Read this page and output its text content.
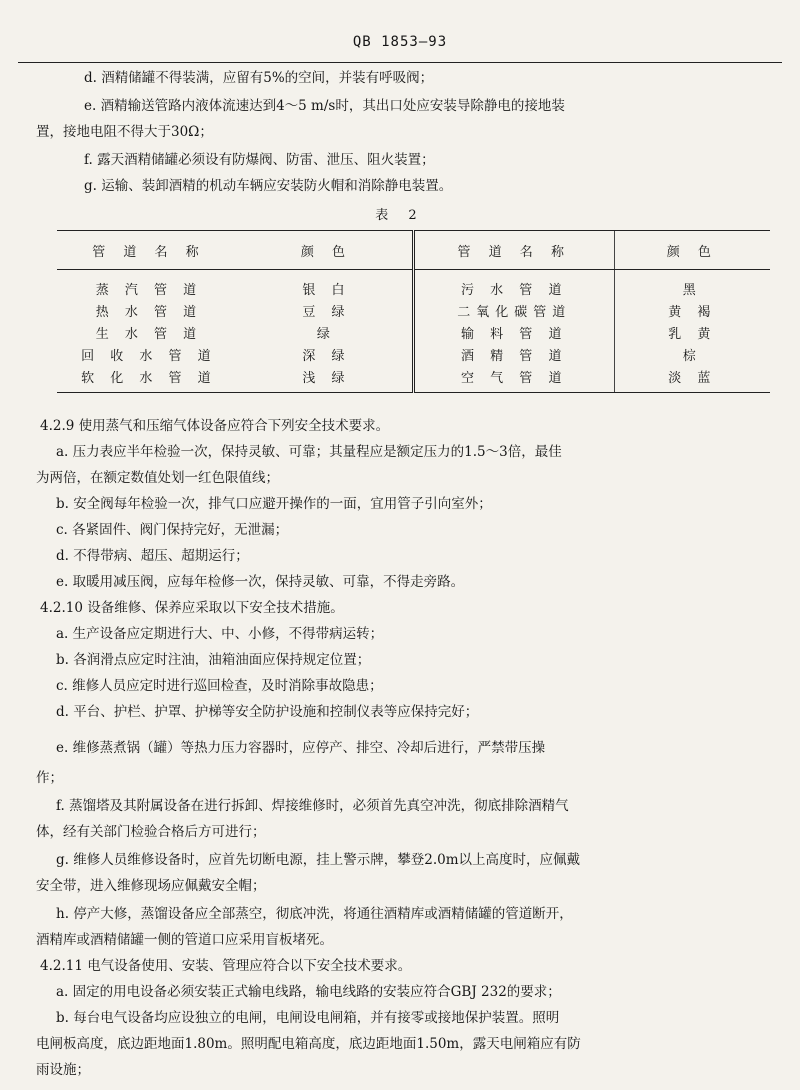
QB 1853—93
d. 酒精储罐不得装满，应留有5%的空间，并装有呼吸阀；
e. 酒精输送管路内液体流速达到4～5 m/s时，其出口处应安装导除静电的接地装
置，接地电阻不得大于30Ω；
f. 露天酒精储罐必须设有防爆阀、防雷、泄压、阻火装置；
g. 运输、装卸酒精的机动车辆应安装防火帽和消除静电装置。
表 2
管 道 名 称	颜 色	管 道 名 称	颜 色
蒸 汽 管 道	银 白	污 水 管 道	黑
热 水 管 道	豆 绿	二氧化碳管道	黄 褐
生 水 管 道	绿	输 料 管 道	乳 黄
回 收 水 管 道	深 绿	酒 精 管 道	棕
软 化 水 管 道	浅 绿	空 气 管 道	淡 蓝
4.2.9 使用蒸气和压缩气体设备应符合下列安全技术要求。
a. 压力表应半年检验一次，保持灵敏、可靠；其量程应是额定压力的1.5～3倍，最佳
为两倍，在额定数值处划一红色限值线；
b. 安全阀每年检验一次，排气口应避开操作的一面，宜用管子引向室外；
c. 各紧固件、阀门保持完好，无泄漏；
d. 不得带病、超压、超期运行；
e. 取暖用减压阀，应每年检修一次，保持灵敏、可靠，不得走旁路。
4.2.10 设备维修、保养应采取以下安全技术措施。
a. 生产设备应定期进行大、中、小修，不得带病运转；
b. 各润滑点应定时注油，油箱油面应保持规定位置；
c. 维修人员应定时进行巡回检查，及时消除事故隐患；
d. 平台、护栏、护罩、护梯等安全防护设施和控制仪表等应保持完好；
e. 维修蒸煮锅（罐）等热力压力容器时，应停产、排空、冷却后进行，严禁带压操
作；
f. 蒸馏塔及其附属设备在进行拆卸、焊接维修时，必须首先真空冲洗，彻底排除酒精气
体，经有关部门检验合格后方可进行；
g. 维修人员维修设备时，应首先切断电源，挂上警示牌，攀登2.0m以上高度时，应佩戴
安全带，进入维修现场应佩戴安全帽；
h. 停产大修，蒸馏设备应全部蒸空，彻底冲洗，将通往酒精库或酒精储罐的管道断开，
酒精库或酒精储罐一侧的管道口应采用盲板堵死。
4.2.11 电气设备使用、安装、管理应符合以下安全技术要求。
a. 固定的用电设备必须安装正式输电线路，输电线路的安装应符合GBJ 232的要求；
b. 每台电气设备均应设独立的电闸，电闸设电闸箱，并有接零或接地保护装置。照明
电闸板高度，底边距地面1.80m。照明配电箱高度，底边距地面1.50m，露天电闸箱应有防
雨设施；
